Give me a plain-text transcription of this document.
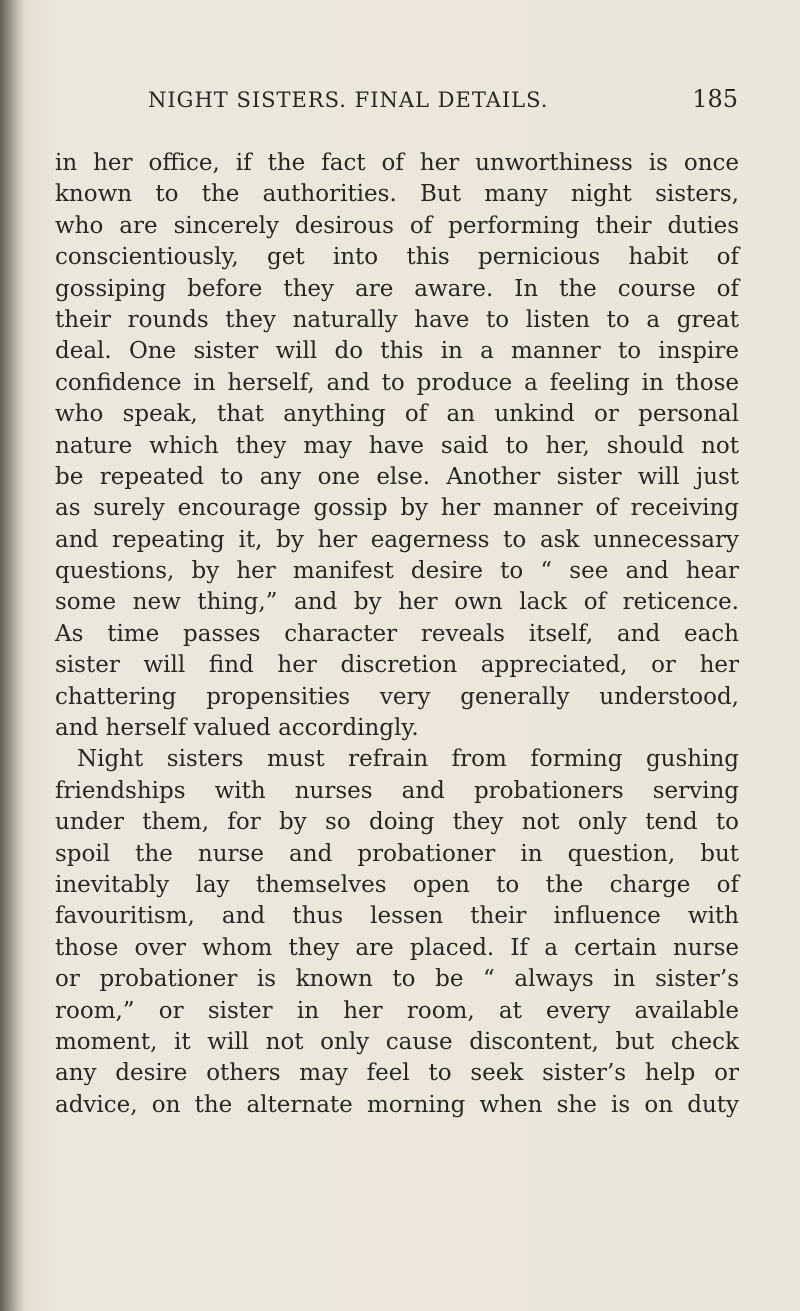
NIGHT SISTERS. FINAL DETAILS.	185
in her office, if the fact of her unworthiness is once
known to the authorities. But many night sisters,
who are sincerely desirous of performing their duties
conscientiously, get into this pernicious habit of
gossiping before they are aware. In the course of
their rounds they naturally have to listen to a great
deal. One sister will do this in a manner to inspire
confidence in herself, and to produce a feeling in those
who speak, that anything of an unkind or personal
nature which they may have said to her, should not
be repeated to any one else. Another sister will just
as surely encourage gossip by her manner of receiving
and repeating it, by her eagerness to ask unnecessary
questions, by her manifest desire to “ see and hear
some new thing,” and by her own lack of reticence.
As time passes character reveals itself, and each
sister will find her discretion appreciated, or her
chattering propensities very generally understood,
and herself valued accordingly.
Night sisters must refrain from forming gushing
friendships with nurses and probationers serving
under them, for by so doing they not only tend to
spoil the nurse and probationer in question, but
inevitably lay themselves open to the charge of
favouritism, and thus lessen their influence with
those over whom they are placed. If a certain nurse
or probationer is known to be “ always in sister’s
room,” or sister in her room, at every available
moment, it will not only cause discontent, but check
any desire others may feel to seek sister’s help or
advice, on the alternate morning when she is on duty
